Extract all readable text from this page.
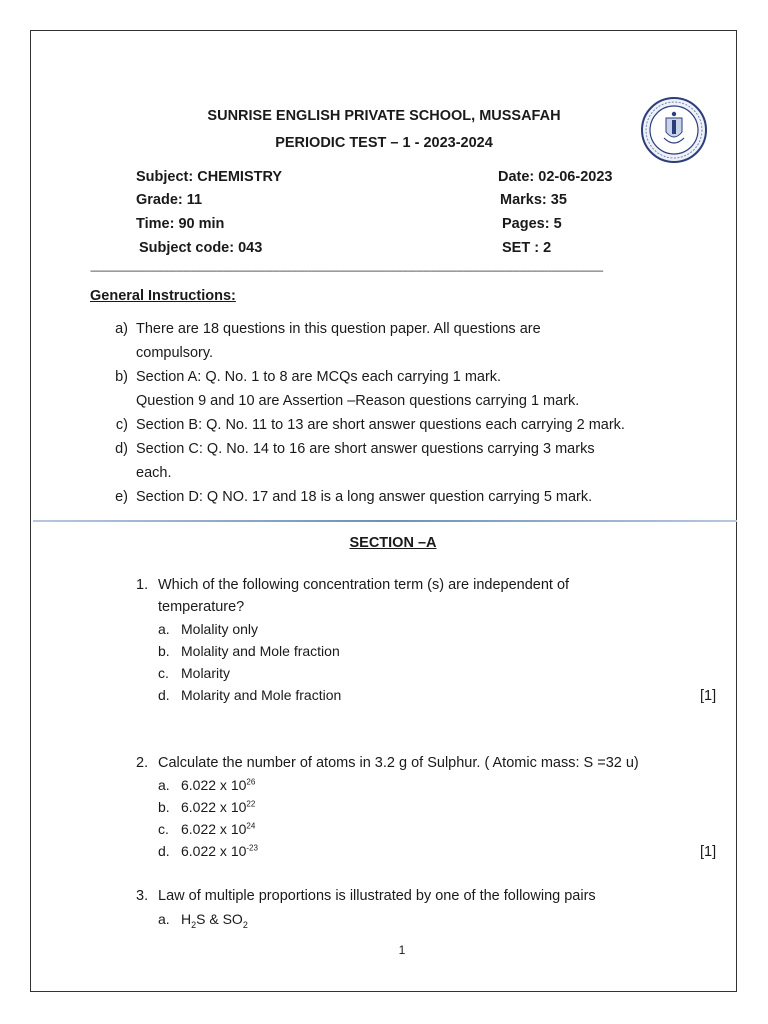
SUNRISE ENGLISH PRIVATE SCHOOL, MUSSAFAH
PERIODIC TEST – 1 - 2023-2024
Subject: CHEMISTRY	Date: 02-06-2023
Grade: 11	Marks: 35
Time: 90 min	Pages: 5
Subject code: 043	SET : 2
----------------------------------------------------------------------------------------------------------------------------------------------------------------------------------------------------------------------------
General Instructions:
a) There are 18 questions in this question paper. All questions are
compulsory.
b) Section A: Q. No. 1 to 8 are MCQs each carrying 1 mark.
Question 9 and 10 are Assertion –Reason questions carrying 1 mark.
c) Section B: Q. No. 11 to 13 are short answer questions each carrying 2 mark.
d) Section C: Q. No. 14 to 16 are short answer questions carrying 3 marks
each.
e) Section D: Q NO. 17 and 18 is a long answer question carrying 5 mark.
SECTION –A
1. Which of the following concentration term (s) are independent of
temperature?
a. Molality only
b. Molality and Mole fraction
c. Molarity
d. Molarity and Mole fraction	[1]
2. Calculate the number of atoms in 3.2 g of Sulphur. ( Atomic mass: S =32 u)
a. 6.022 x $10^{26}$
b. 6.022 x $10^{22}$
c. 6.022 x $10^{24}$
d. 6.022 x $10^{-23}$	[1]
3. Law of multiple proportions is illustrated by one of the following pairs
a. $H_2S$ & $SO_2$
1
